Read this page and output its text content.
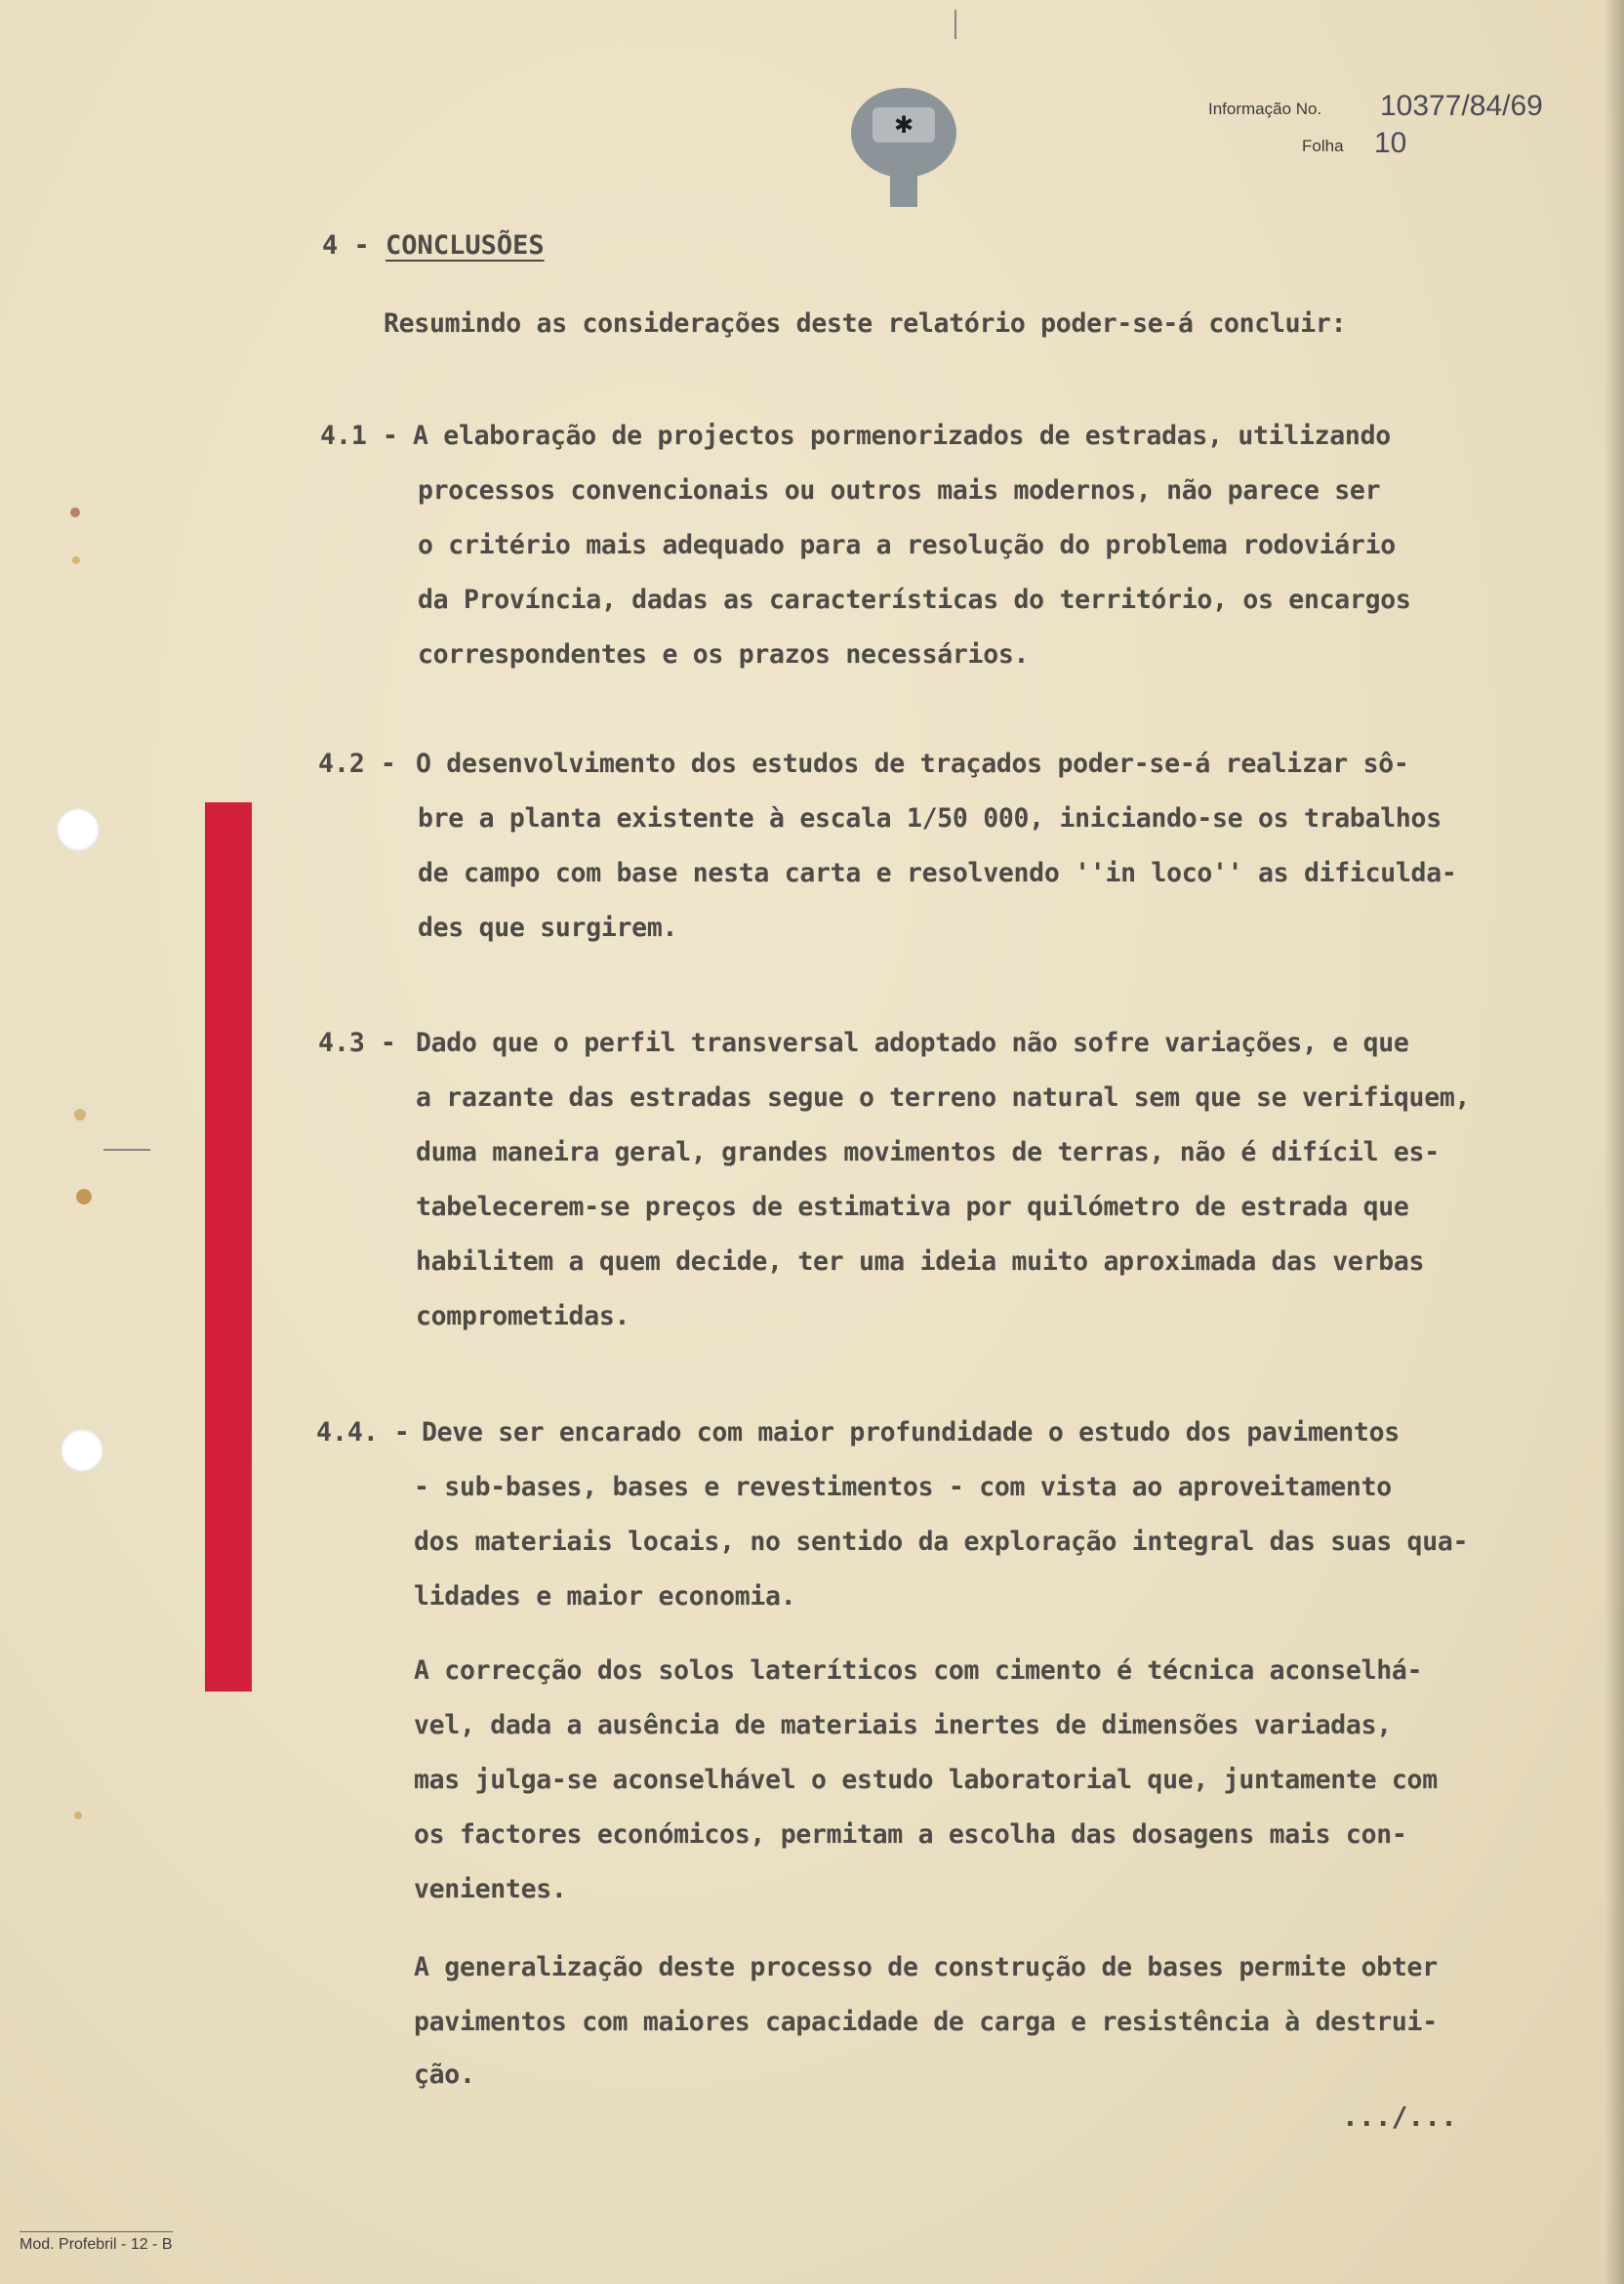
✱
Informação No. 10377/84/69
Folha 10
4 - CONCLUSÕES
Resumindo as considerações deste relatório poder-se-á concluir:
4.1 - A elaboração de projectos pormenorizados de estradas, utilizando
processos convencionais ou outros mais modernos, não parece ser
o critério mais adequado para a resolução do problema rodoviário
da Província, dadas as características do território, os encargos
correspondentes e os prazos necessários.
4.2 - O desenvolvimento dos estudos de traçados poder-se-á realizar sô-
bre a planta existente à escala 1/50 000, iniciando-se os trabalhos
de campo com base nesta carta e resolvendo ''in loco'' as dificulda-
des que surgirem.
4.3 - Dado que o perfil transversal adoptado não sofre variações, e que
a razante das estradas segue o terreno natural sem que se verifiquem,
duma maneira geral, grandes movimentos de terras, não é difícil es-
tabelecerem-se preços de estimativa por quilómetro de estrada que
habilitem a quem decide, ter uma ideia muito aproximada das verbas
comprometidas.
4.4. - Deve ser encarado com maior profundidade o estudo dos pavimentos
- sub-bases, bases e revestimentos - com vista ao aproveitamento
dos materiais locais, no sentido da exploração integral das suas qua-
lidades e maior economia.
A correcção dos solos lateríticos com cimento é técnica aconselhá-
vel, dada a ausência de materiais inertes de dimensões variadas,
mas julga-se aconselhável o estudo laboratorial que, juntamente com
os factores económicos, permitam a escolha das dosagens mais con-
venientes.
A generalização deste processo de construção de bases permite obter
pavimentos com maiores capacidade de carga e resistência à destrui-
ção.
.../...
Mod. Profebril - 12 - B
